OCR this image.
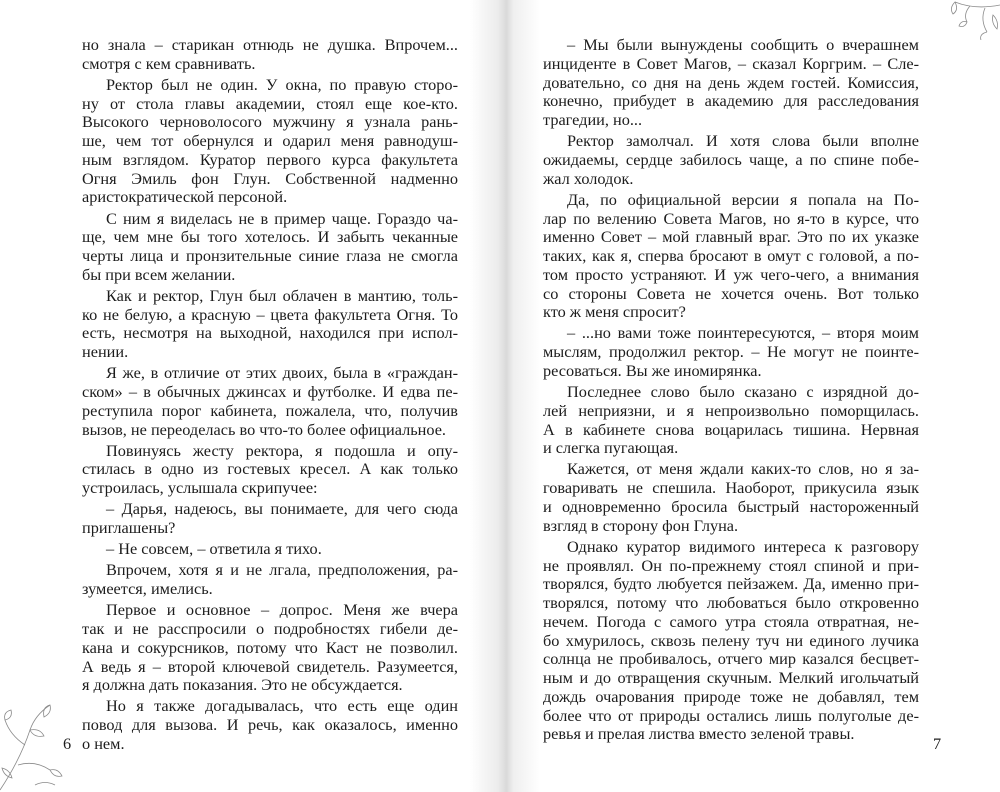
но знала – старикан отнюдь не душка. Впрочем...
смотря с кем сравнивать.
Ректор был не один. У окна, по правую сторо-
ну от стола главы академии, стоял еще кое-кто.
Высокого черноволосого мужчину я узнала рань-
ше, чем тот обернулся и одарил меня равнодуш-
ным взглядом. Куратор первого курса факультета
Огня Эмиль фон Глун. Собственной надменно
аристократической персоной.
С ним я виделась не в пример чаще. Гораздо ча-
ще, чем мне бы того хотелось. И забыть чеканные
черты лица и пронзительные синие глаза не смогла
бы при всем желании.
Как и ректор, Глун был облачен в мантию, толь-
ко не белую, а красную – цвета факультета Огня. То
есть, несмотря на выходной, находился при испол-
нении.
Я же, в отличие от этих двоих, была в «граждан-
ском» – в обычных джинсах и футболке. И едва пе-
реступила порог кабинета, пожалела, что, получив
вызов, не переоделась во что-то более официальное.
Повинуясь жесту ректора, я подошла и опу-
стилась в одно из гостевых кресел. А как только
устроилась, услышала скрипучее:
– Дарья, надеюсь, вы понимаете, для чего сюда
приглашены?
– Не совсем, – ответила я тихо.
Впрочем, хотя я и не лгала, предположения, ра-
зумеется, имелись.
Первое и основное – допрос. Меня же вчера
так и не расспросили о подробностях гибели де-
кана и сокурсников, потому что Каст не позволил.
А ведь я – второй ключевой свидетель. Разумеется,
я должна дать показания. Это не обсуждается.
Но я также догадывалась, что есть еще один
повод для вызова. И речь, как оказалось, именно
о нем.
6
– Мы были вынуждены сообщить о вчерашнем
инциденте в Совет Магов, – сказал Коргрим. – Сле-
довательно, со дня на день ждем гостей. Комиссия,
конечно, прибудет в академию для расследования
трагедии, но...
Ректор замолчал. И хотя слова были вполне
ожидаемы, сердце забилось чаще, а по спине побе-
жал холодок.
Да, по официальной версии я попала на По-
лар по велению Совета Магов, но я-то в курсе, что
именно Совет – мой главный враг. Это по их указке
таких, как я, сперва бросают в омут с головой, а по-
том просто устраняют. И уж чего-чего, а внимания
со стороны Совета не хочется очень. Вот только
кто ж меня спросит?
– ...но вами тоже поинтересуются, – вторя моим
мыслям, продолжил ректор. – Не могут не поинте-
ресоваться. Вы же иномирянка.
Последнее слово было сказано с изрядной до-
лей неприязни, и я непроизвольно поморщилась.
А в кабинете снова воцарилась тишина. Нервная
и слегка пугающая.
Кажется, от меня ждали каких-то слов, но я за-
говаривать не спешила. Наоборот, прикусила язык
и одновременно бросила быстрый настороженный
взгляд в сторону фон Глуна.
Однако куратор видимого интереса к разговору
не проявлял. Он по-прежнему стоял спиной и при-
творялся, будто любуется пейзажем. Да, именно при-
творялся, потому что любоваться было откровенно
нечем. Погода с самого утра стояла отвратная, не-
бо хмурилось, сквозь пелену туч ни единого лучика
солнца не пробивалось, отчего мир казался бесцвет-
ным и до отвращения скучным. Мелкий игольчатый
дождь очарования природе тоже не добавлял, тем
более что от природы остались лишь полуголые де-
ревья и прелая листва вместо зеленой травы.
7
